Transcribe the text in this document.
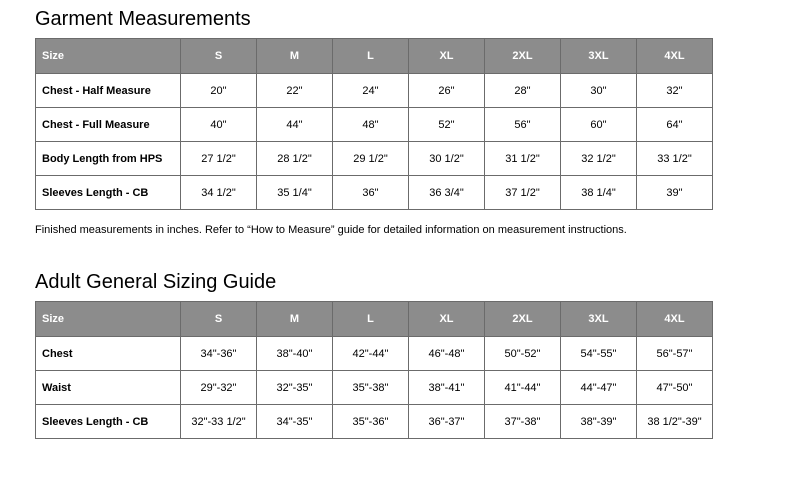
Garment Measurements
Size	S	M	L	XL	2XL	3XL	4XL
Chest - Half Measure	20"	22"	24"	26"	28"	30"	32"
Chest - Full Measure	40"	44"	48"	52"	56"	60"	64"
Body Length from HPS	27 1/2"	28 1/2"	29 1/2"	30 1/2"	31 1/2"	32 1/2"	33 1/2"
Sleeves Length - CB	34 1/2"	35 1/4"	36"	36 3/4"	37 1/2"	38 1/4"	39"

Finished measurements in inches. Refer to “How to Measure” guide for detailed information on measurement instructions.

Adult General Sizing Guide
Size	S	M	L	XL	2XL	3XL	4XL
Chest	34"-36"	38"-40"	42"-44"	46"-48"	50"-52"	54"-55"	56"-57"
Waist	29"-32"	32"-35"	35"-38"	38"-41"	41"-44"	44"-47"	47"-50"
Sleeves Length - CB	32"-33 1/2"	34"-35"	35"-36"	36"-37"	37"-38"	38"-39"	38 1/2"-39"
